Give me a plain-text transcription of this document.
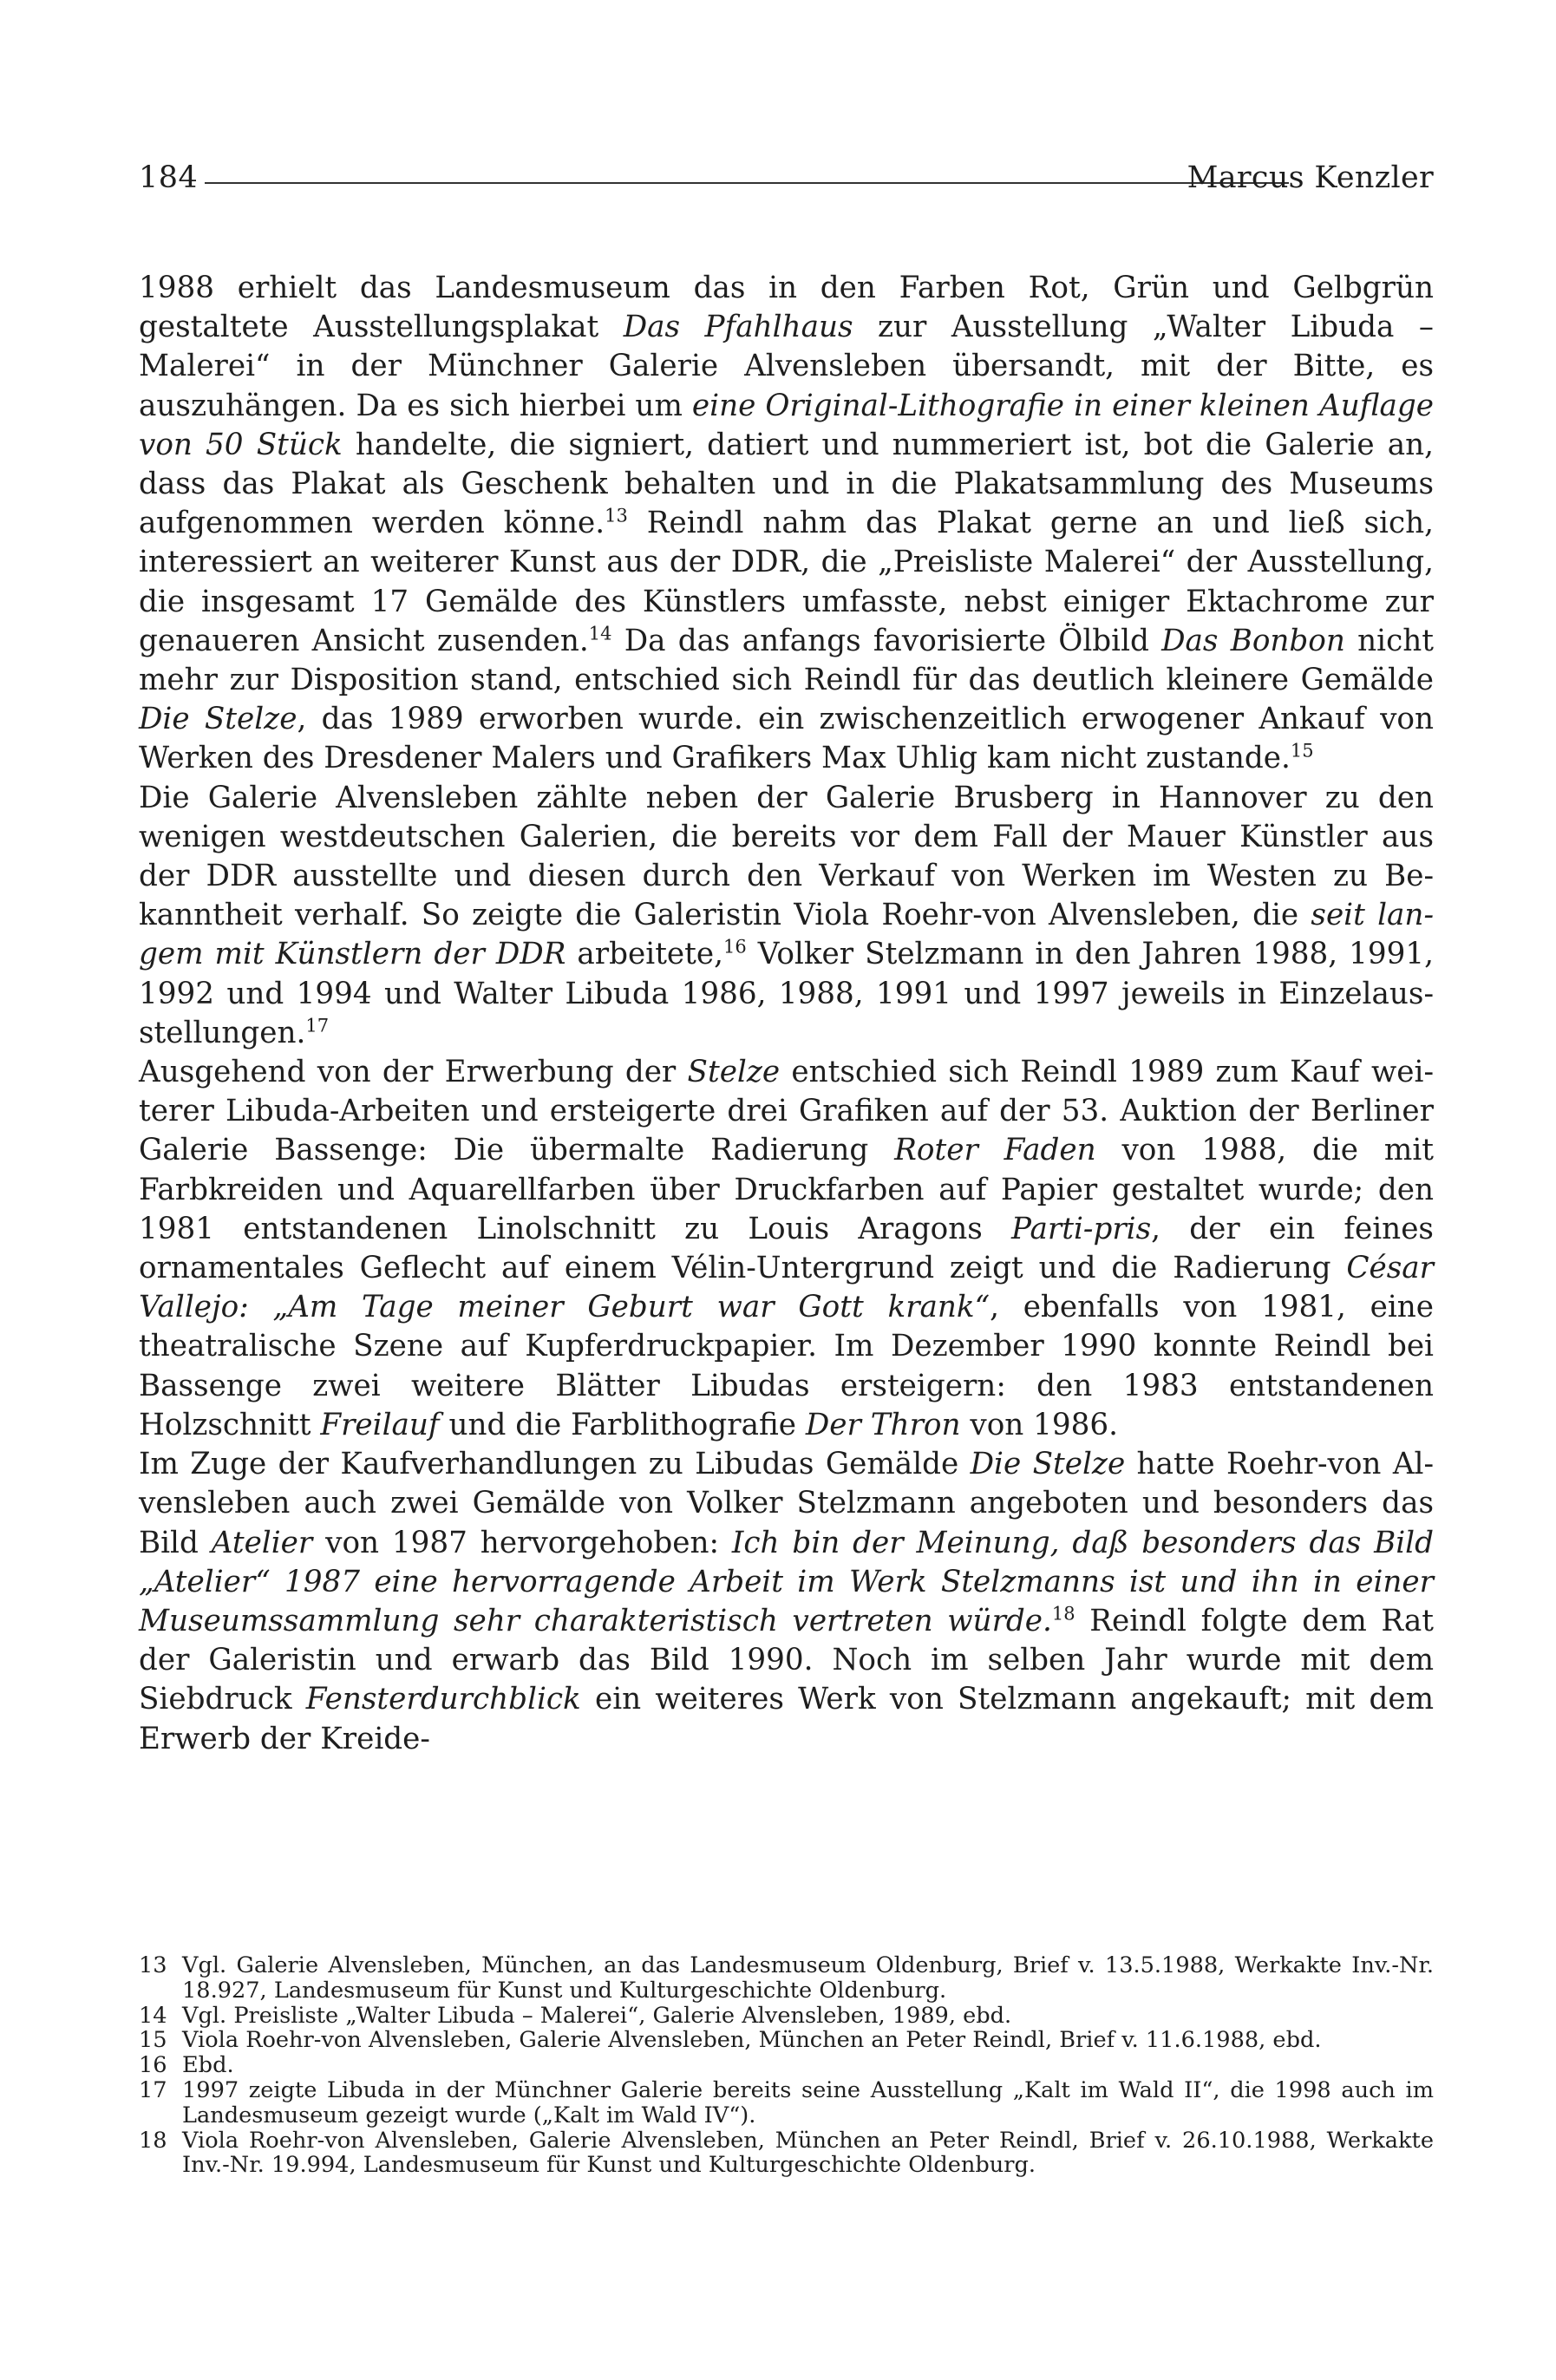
184	Marcus Kenzler

1988 erhielt das Landesmuseum das in den Farben Rot, Grün und Gelbgrün gestaltete Ausstellungsplakat Das Pfahlhaus zur Ausstellung „Walter Libuda – Malerei“ in der Münchner Galerie Alvensleben übersandt, mit der Bitte, es auszuhängen. Da es sich hierbei um eine Original-Lithografie in einer kleinen Auflage von 50 Stück handelte, die signiert, datiert und nummeriert ist, bot die Galerie an, dass das Plakat als Geschenk behalten und in die Plakatsammlung des Museums aufgenommen werden könne.$^{13}$ Reindl nahm das Plakat gerne an und ließ sich, interessiert an weiterer Kunst aus der DDR, die „Preisliste Malerei“ der Ausstellung, die insgesamt 17 Gemälde des Künstlers umfasste, nebst einiger Ektachrome zur genaueren Ansicht zusenden.$^{14}$ Da das anfangs favorisierte Ölbild Das Bonbon nicht mehr zur Disposition stand, entschied sich Reindl für das deutlich kleinere Gemälde Die Stelze, das 1989 erworben wurde. ein zwischenzeitlich erwogener Ankauf von Werken des Dresdener Malers und Grafikers Max Uhlig kam nicht zustande.$^{15}$

Die Galerie Alvensleben zählte neben der Galerie Brusberg in Hannover zu den wenigen westdeutschen Galerien, die bereits vor dem Fall der Mauer Künstler aus der DDR ausstellte und diesen durch den Verkauf von Werken im Westen zu Bekanntheit verhalf. So zeigte die Galeristin Viola Roehr-von Alvensleben, die seit langem mit Künstlern der DDR arbeitete,$^{16}$ Volker Stelzmann in den Jahren 1988, 1991, 1992 und 1994 und Walter Libuda 1986, 1988, 1991 und 1997 jeweils in Einzelausstellungen.$^{17}$

Ausgehend von der Erwerbung der Stelze entschied sich Reindl 1989 zum Kauf weiterer Libuda-Arbeiten und ersteigerte drei Grafiken auf der 53. Auktion der Berliner Galerie Bassenge: Die übermalte Radierung Roter Faden von 1988, die mit Farbkreiden und Aquarellfarben über Druckfarben auf Papier gestaltet wurde; den 1981 entstandenen Linolschnitt zu Louis Aragons Parti-pris, der ein feines ornamentales Geflecht auf einem Vélin-Untergrund zeigt und die Radierung César Vallejo: „Am Tage meiner Geburt war Gott krank“, ebenfalls von 1981, eine theatralische Szene auf Kupferdruckpapier. Im Dezember 1990 konnte Reindl bei Bassenge zwei weitere Blätter Libudas ersteigern: den 1983 entstandenen Holzschnitt Freilauf und die Farblithografie Der Thron von 1986.

Im Zuge der Kaufverhandlungen zu Libudas Gemälde Die Stelze hatte Roehr-von Alvensleben auch zwei Gemälde von Volker Stelzmann angeboten und besonders das Bild Atelier von 1987 hervorgehoben: Ich bin der Meinung, daß besonders das Bild „Atelier“ 1987 eine hervorragende Arbeit im Werk Stelzmanns ist und ihn in einer Museumssammlung sehr charakteristisch vertreten würde.$^{18}$ Reindl folgte dem Rat der Galeristin und erwarb das Bild 1990. Noch im selben Jahr wurde mit dem Siebdruck Fensterdurchblick ein weiteres Werk von Stelzmann angekauft; mit dem Erwerb der Kreide-

13 Vgl. Galerie Alvensleben, München, an das Landesmuseum Oldenburg, Brief v. 13.5.1988, Werkakte Inv.-Nr. 18.927, Landesmuseum für Kunst und Kulturgeschichte Oldenburg.
14 Vgl. Preisliste „Walter Libuda – Malerei“, Galerie Alvensleben, 1989, ebd.
15 Viola Roehr-von Alvensleben, Galerie Alvensleben, München an Peter Reindl, Brief v. 11.6.1988, ebd.
16 Ebd.
17 1997 zeigte Libuda in der Münchner Galerie bereits seine Ausstellung „Kalt im Wald II“, die 1998 auch im Landesmuseum gezeigt wurde („Kalt im Wald IV“).
18 Viola Roehr-von Alvensleben, Galerie Alvensleben, München an Peter Reindl, Brief v. 26.10.1988, Werkakte Inv.-Nr. 19.994, Landesmuseum für Kunst und Kulturgeschichte Oldenburg.
